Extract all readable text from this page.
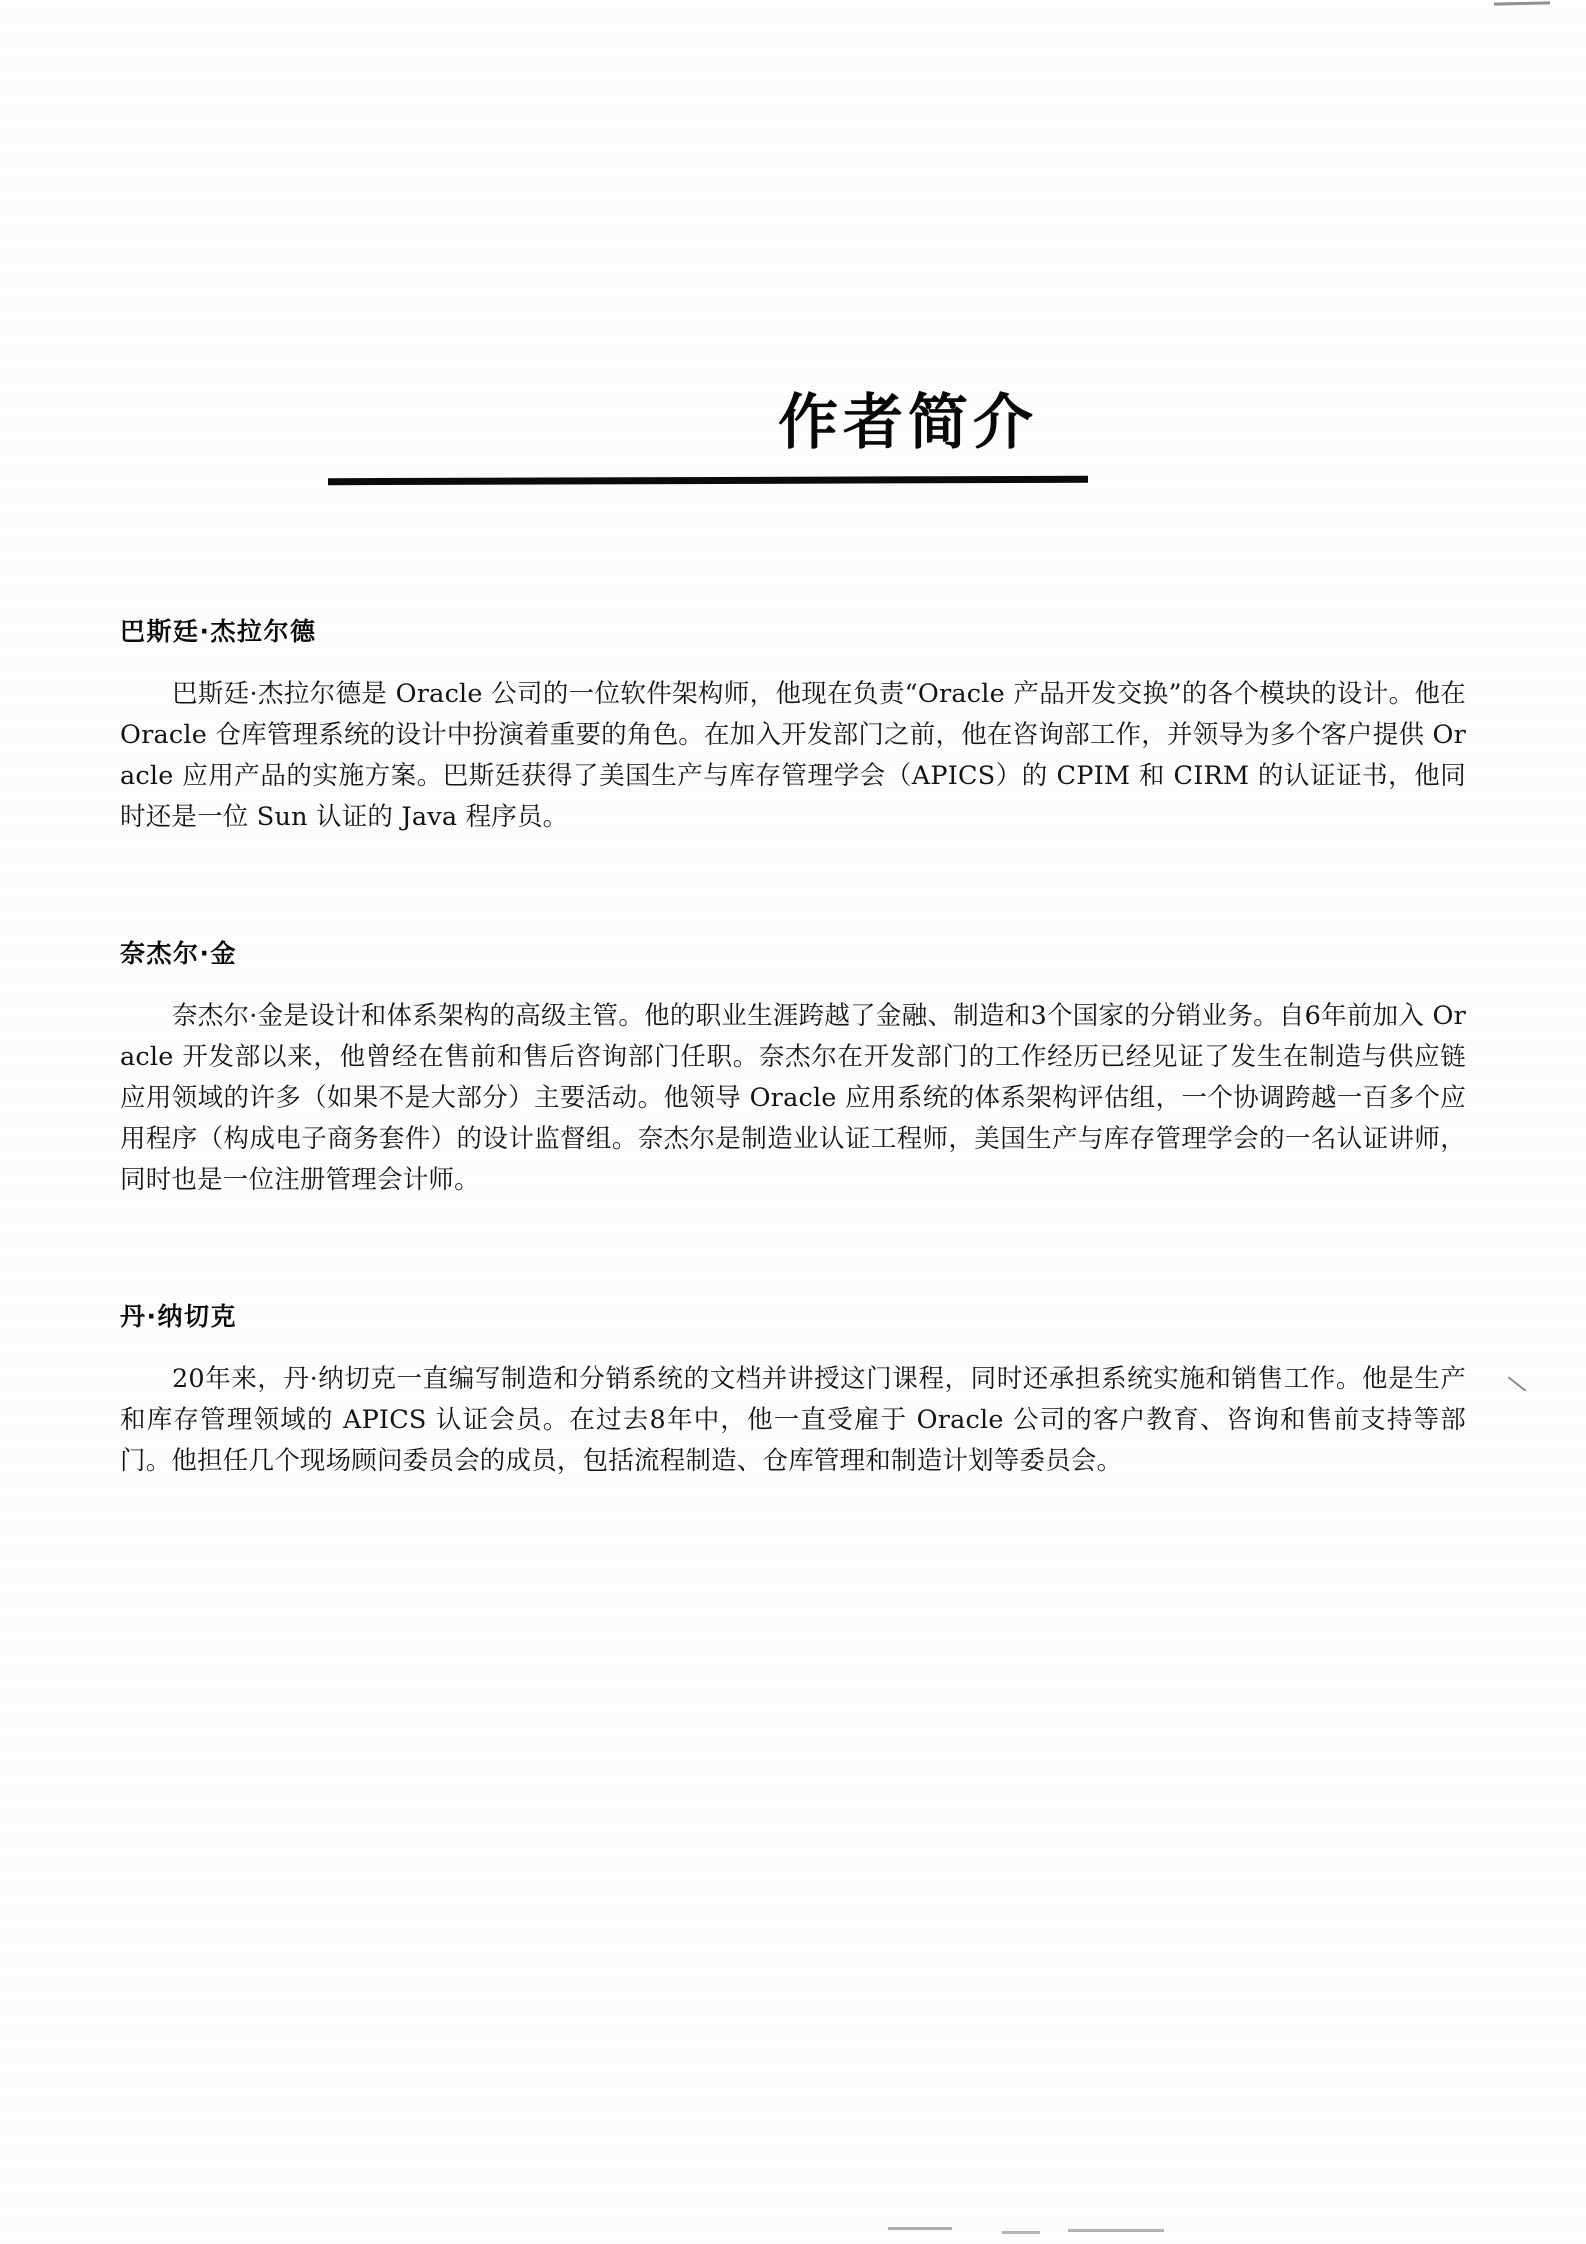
作者简介
巴斯廷·杰拉尔德

巴斯廷·杰拉尔德是 Oracle 公司的一位软件架构师，他现在负责“Oracle 产品开发交换”的各个模块的设计。他在 Oracle 仓库管理系统的设计中扮演着重要的角色。在加入开发部门之前，他在咨询部工作，并领导为多个客户提供 Oracle 应用产品的实施方案。巴斯廷获得了美国生产与库存管理学会（APICS）的 CPIM 和 CIRM 的认证证书，他同时还是一位 Sun 认证的 Java 程序员。

奈杰尔·金

奈杰尔·金是设计和体系架构的高级主管。他的职业生涯跨越了金融、制造和3个国家的分销业务。自6年前加入 Oracle 开发部以来，他曾经在售前和售后咨询部门任职。奈杰尔在开发部门的工作经历已经见证了发生在制造与供应链应用领域的许多（如果不是大部分）主要活动。他领导 Oracle 应用系统的体系架构评估组，一个协调跨越一百多个应用程序（构成电子商务套件）的设计监督组。奈杰尔是制造业认证工程师，美国生产与库存管理学会的一名认证讲师，同时也是一位注册管理会计师。

丹·纳切克

20年来，丹·纳切克一直编写制造和分销系统的文档并讲授这门课程，同时还承担系统实施和销售工作。他是生产和库存管理领域的 APICS 认证会员。在过去8年中，他一直受雇于 Oracle 公司的客户教育、咨询和售前支持等部门。他担任几个现场顾问委员会的成员，包括流程制造、仓库管理和制造计划等委员会。
